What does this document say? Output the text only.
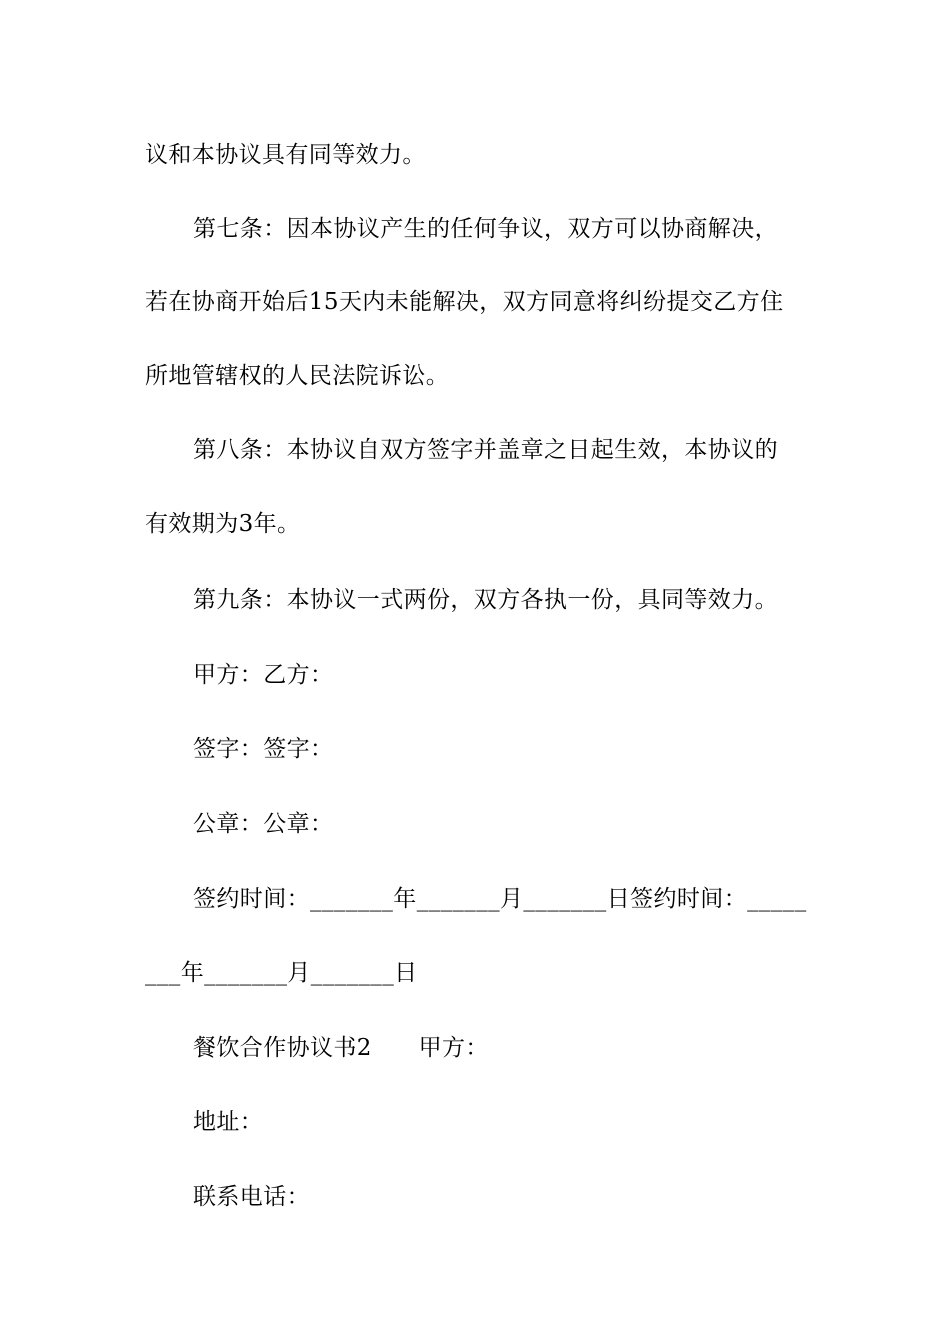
议和本协议具有同等效力。
第七条：因本协议产生的任何争议，双方可以协商解决，
若在协商开始后15天内未能解决，双方同意将纠纷提交乙方住
所地管辖权的人民法院诉讼。
第八条：本协议自双方签字并盖章之日起生效，本协议的
有效期为3年。
第九条：本协议一式两份，双方各执一份，具同等效力。
甲方：乙方：
签字：签字：
公章：公章：
签约时间：_______年_______月_______日签约时间：_____
___年_______月_______日
餐饮合作协议书2　　甲方：
地址：
联系电话：
